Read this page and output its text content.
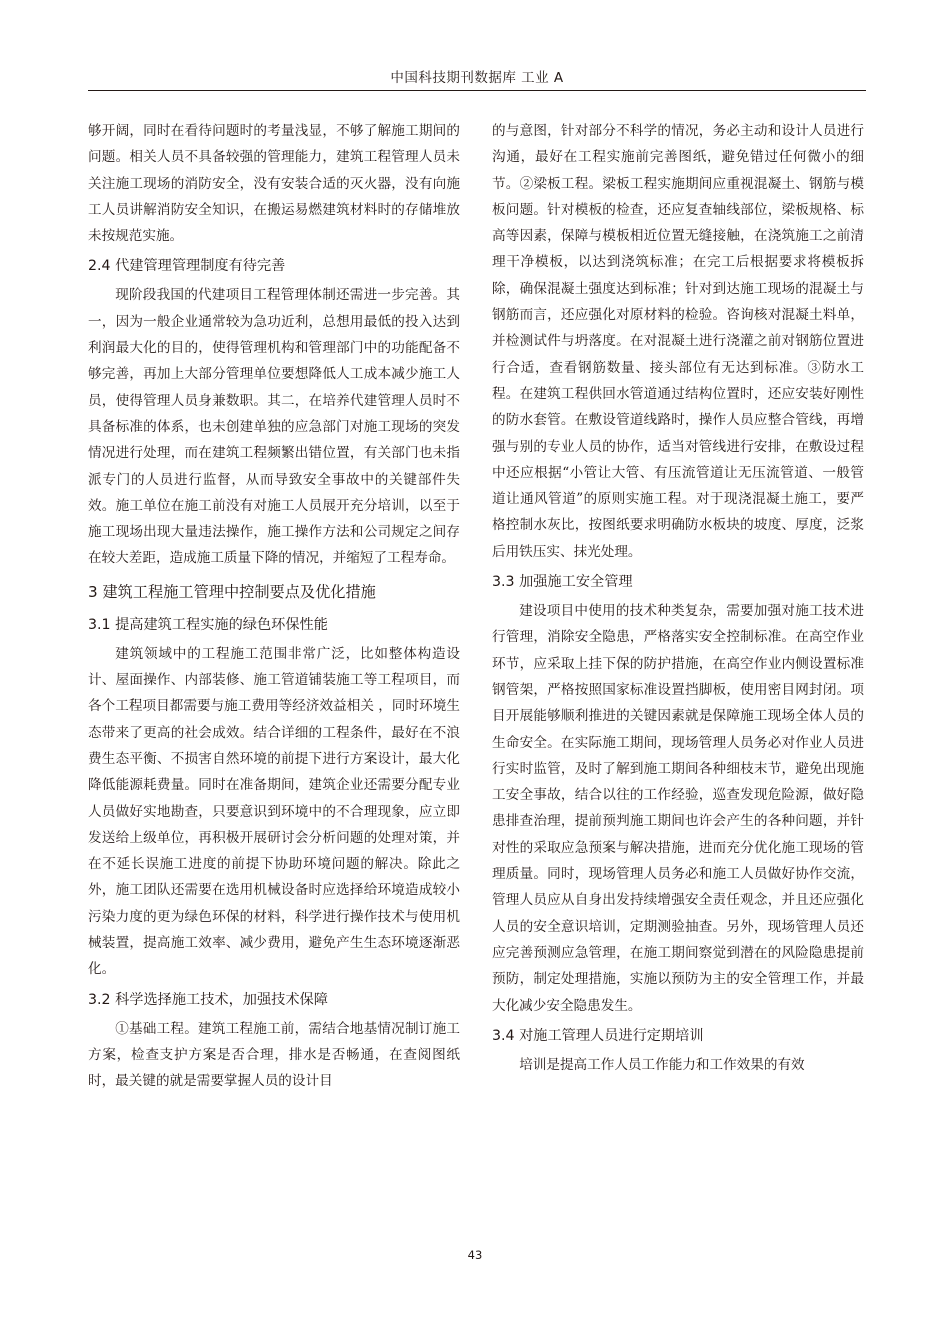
中国科技期刊数据库 工业 A

够开阔，同时在看待问题时的考量浅显，不够了解施工期间的问题。相关人员不具备较强的管理能力，建筑工程管理人员未关注施工现场的消防安全，没有安装合适的灭火器，没有向施工人员讲解消防安全知识，在搬运易燃建筑材料时的存储堆放未按规范实施。

2.4 代建管理管理制度有待完善

现阶段我国的代建项目工程管理体制还需进一步完善。其一，因为一般企业通常较为急功近利，总想用最低的投入达到利润最大化的目的，使得管理机构和管理部门中的功能配备不够完善，再加上大部分管理单位要想降低人工成本减少施工人员，使得管理人员身兼数职。其二，在培养代建管理人员时不具备标准的体系，也未创建单独的应急部门对施工现场的突发情况进行处理，而在建筑工程频繁出错位置，有关部门也未指派专门的人员进行监督，从而导致安全事故中的关键部件失效。施工单位在施工前没有对施工人员展开充分培训，以至于施工现场出现大量违法操作，施工操作方法和公司规定之间存在较大差距，造成施工质量下降的情况，并缩短了工程寿命。

3 建筑工程施工管理中控制要点及优化措施
3.1 提高建筑工程实施的绿色环保性能

建筑领域中的工程施工范围非常广泛，比如整体构造设计、屋面操作、内部装修、施工管道铺装施工等工程项目，而各个工程项目都需要与施工费用等经济效益相关 ，同时环境生态带来了更高的社会成效。结合详细的工程条件，最好在不浪费生态平衡、不损害自然环境的前提下进行方案设计，最大化降低能源耗费量。同时在准备期间，建筑企业还需要分配专业人员做好实地勘查，只要意识到环境中的不合理现象，应立即发送给上级单位，再积极开展研讨会分析问题的处理对策，并在不延长误施工进度的前提下协助环境问题的解决。除此之外，施工团队还需要在选用机械设备时应选择给环境造成较小污染力度的更为绿色环保的材料，科学进行操作技术与使用机械装置，提高施工效率、减少费用，避免产生生态环境逐渐恶化。

3.2 科学选择施工技术，加强技术保障

①基础工程。建筑工程施工前，需结合地基情况制订施工方案，检查支护方案是否合理，排水是否畅通，在查阅图纸时，最关键的就是需要掌握人员的设计目

的与意图，针对部分不科学的情况，务必主动和设计人员进行沟通，最好在工程实施前完善图纸，避免错过任何微小的细节。②梁板工程。梁板工程实施期间应重视混凝土、钢筋与模板问题。针对模板的检查，还应复查轴线部位，梁板规格、标高等因素，保障与模板相近位置无缝接触，在浇筑施工之前清理干净模板，以达到浇筑标准；在完工后根据要求将模板拆除，确保混凝土强度达到标准；针对到达施工现场的混凝土与钢筋而言，还应强化对原材料的检验。咨询核对混凝土料单，并检测试件与坍落度。在对混凝土进行浇灌之前对钢筋位置进行合适，查看钢筋数量、接头部位有无达到标准。③防水工程。在建筑工程供回水管道通过结构位置时，还应安装好刚性的防水套管。在敷设管道线路时，操作人员应整合管线，再增强与别的专业人员的协作，适当对管线进行安排，在敷设过程中还应根据“小管让大管、有压流管道让无压流管道、一般管道让通风管道”的原则实施工程。对于现浇混凝土施工，要严格控制水灰比，按图纸要求明确防水板块的坡度、厚度，泛浆后用铁压实、抹光处理。

3.3 加强施工安全管理

建设项目中使用的技术种类复杂，需要加强对施工技术进行管理，消除安全隐患，严格落实安全控制标准。在高空作业环节，应采取上挂下保的防护措施，在高空作业内侧设置标准钢管架，严格按照国家标准设置挡脚板，使用密目网封闭。项目开展能够顺利推进的关键因素就是保障施工现场全体人员的生命安全。在实际施工期间，现场管理人员务必对作业人员进行实时监管，及时了解到施工期间各种细枝末节，避免出现施工安全事故，结合以往的工作经验，巡查发现危险源，做好隐患排查治理，提前预判施工期间也许会产生的各种问题，并针对性的采取应急预案与解决措施，进而充分优化施工现场的管理质量。同时，现场管理人员务必和施工人员做好协作交流，管理人员应从自身出发持续增强安全责任观念，并且还应强化人员的安全意识培训，定期测验抽查。另外，现场管理人员还应完善预测应急管理，在施工期间察觉到潜在的风险隐患提前预防，制定处理措施，实施以预防为主的安全管理工作，并最大化减少安全隐患发生。

3.4 对施工管理人员进行定期培训

培训是提高工作人员工作能力和工作效果的有效

43
